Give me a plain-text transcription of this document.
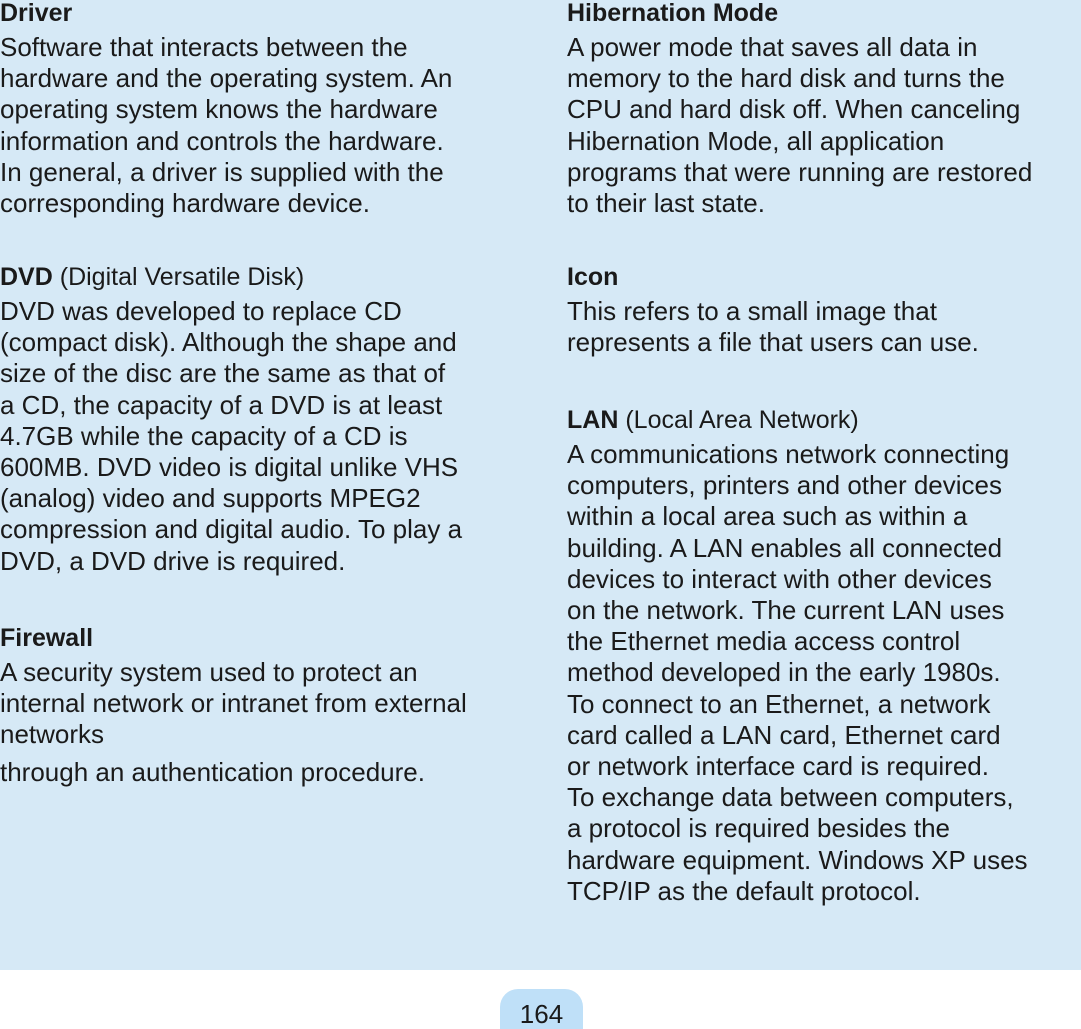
Driver

Software that interacts between the
hardware and the operating system. An
operating system knows the hardware
information and controls the hardware.
In general, a driver is supplied with the
corresponding hardware device.

DVD (Digital Versatile Disk)

DVD was developed to replace CD
(compact disk). Although the shape and
size of the disc are the same as that of
a CD, the capacity of a DVD is at least
4.7GB while the capacity of a CD is
600MB. DVD video is digital unlike VHS
(analog) video and supports MPEG2
compression and digital audio. To play a
DVD, a DVD drive is required.

Firewall

A security system used to protect an
internal network or intranet from external
networks
through an authentication procedure.

Hibernation Mode

A power mode that saves all data in
memory to the hard disk and turns the
CPU and hard disk off. When canceling
Hibernation Mode, all application
programs that were running are restored
to their last state.

Icon

This refers to a small image that
represents a file that users can use.

LAN (Local Area Network)

A communications network connecting
computers, printers and other devices
within a local area such as within a
building. A LAN enables all connected
devices to interact with other devices
on the network. The current LAN uses
the Ethernet media access control
method developed in the early 1980s.
To connect to an Ethernet, a network
card called a LAN card, Ethernet card
or network interface card is required.
To exchange data between computers,
a protocol is required besides the
hardware equipment. Windows XP uses
TCP/IP as the default protocol.

164
